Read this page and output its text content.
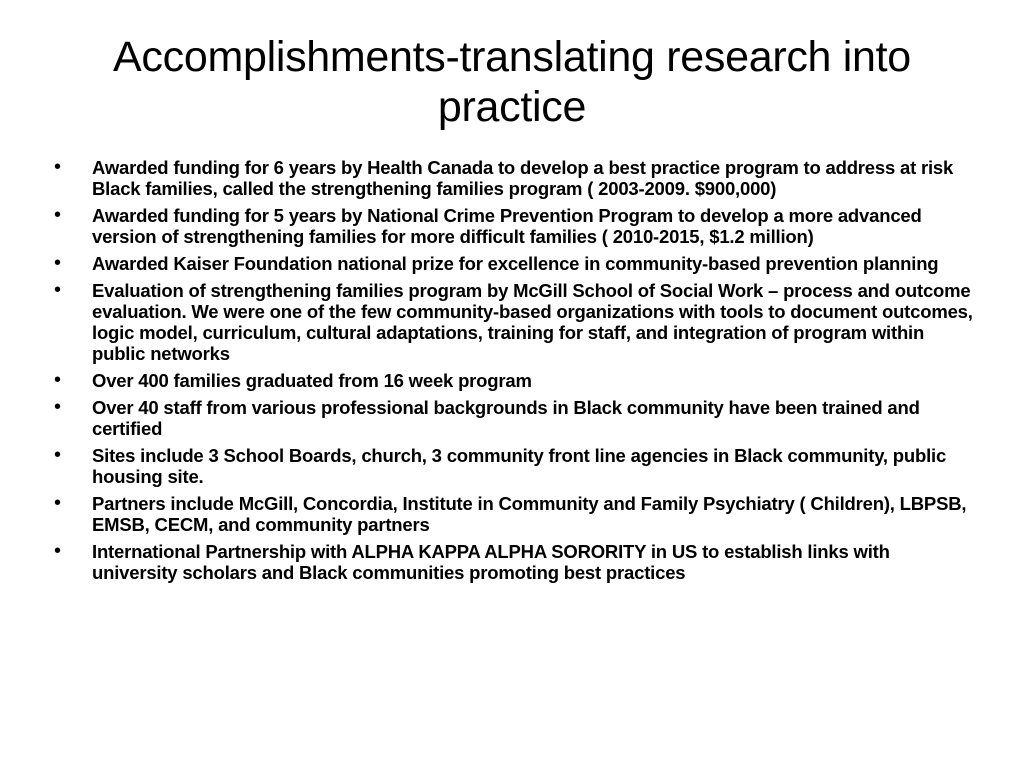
Accomplishments-translating research into practice
• Awarded funding for 6 years by Health Canada to develop a best practice program to address at risk Black families, called the strengthening families program ( 2003-2009. $900,000)
• Awarded funding for 5 years by National Crime Prevention Program to develop a more advanced version of strengthening families for more difficult families ( 2010-2015, $1.2 million)
• Awarded Kaiser Foundation national prize for excellence in community-based prevention planning
• Evaluation of strengthening families program by McGill School of Social Work – process and outcome evaluation. We were one of the few community-based organizations with tools to document outcomes, logic model, curriculum, cultural adaptations, training for staff, and integration of program within public networks
• Over 400 families graduated from 16 week program
• Over 40 staff from various professional backgrounds in Black community have been trained and certified
• Sites include 3 School Boards, church, 3 community front line agencies in Black community, public housing site.
• Partners include McGill, Concordia, Institute in Community and Family Psychiatry ( Children), LBPSB, EMSB, CECM, and community partners
• International Partnership with ALPHA KAPPA ALPHA SORORITY in US to establish links with university scholars and Black communities promoting best practices
